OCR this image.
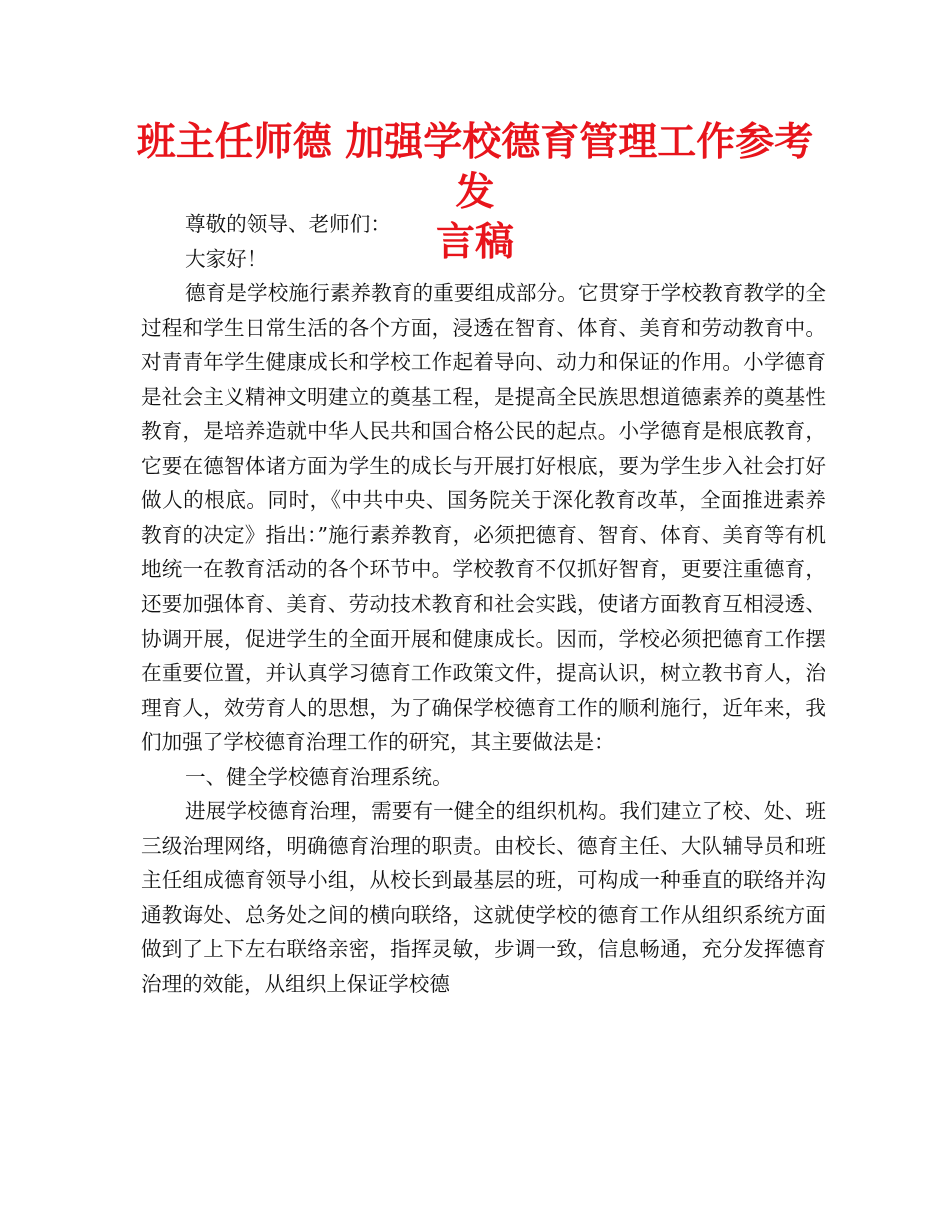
班主任师德 加强学校德育管理工作参考发
言稿

尊敬的领导、老师们：

大家好！

德育是学校施行素养教育的重要组成部分。它贯穿于学校教育教学的全过程和学生日常生活的各个方面，浸透在智育、体育、美育和劳动教育中。对青青年学生健康成长和学校工作起着导向、动力和保证的作用。小学德育是社会主义精神文明建立的奠基工程，是提高全民族思想道德素养的奠基性教育，是培养造就中华人民共和国合格公民的起点。小学德育是根底教育，它要在德智体诸方面为学生的成长与开展打好根底，要为学生步入社会打好做人的根底。同时，《中共中央、国务院关于深化教育改革，全面推进素养教育的决定》指出：”施行素养教育，必须把德育、智育、体育、美育等有机地统一在教育活动的各个环节中。学校教育不仅抓好智育，更要注重德育，还要加强体育、美育、劳动技术教育和社会实践，使诸方面教育互相浸透、协调开展，促进学生的全面开展和健康成长。因而，学校必须把德育工作摆在重要位置，并认真学习德育工作政策文件，提高认识，树立教书育人，治理育人，效劳育人的思想，为了确保学校德育工作的顺利施行，近年来，我们加强了学校德育治理工作的研究，其主要做法是：

一、健全学校德育治理系统。

进展学校德育治理，需要有一健全的组织机构。我们建立了校、处、班三级治理网络，明确德育治理的职责。由校长、德育主任、大队辅导员和班主任组成德育领导小组，从校长到最基层的班，可构成一种垂直的联络并沟通教诲处、总务处之间的横向联络，这就使学校的德育工作从组织系统方面做到了上下左右联络亲密，指挥灵敏，步调一致，信息畅通，充分发挥德育治理的效能，从组织上保证学校德
